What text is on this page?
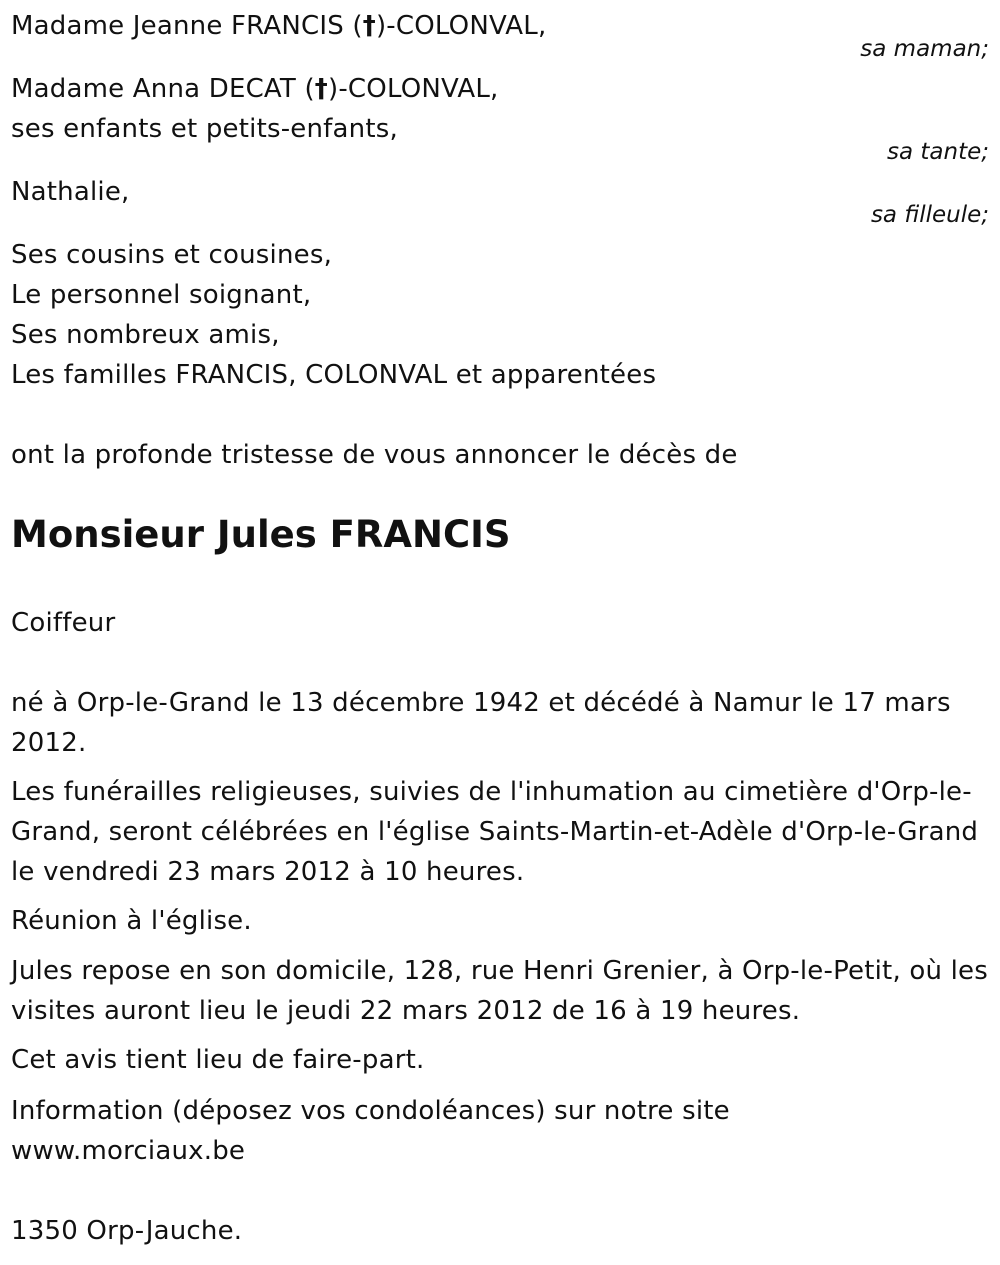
Madame Jeanne FRANCIS (†)-COLONVAL,
sa maman;
Madame Anna DECAT (†)-COLONVAL,
ses enfants et petits-enfants,
sa tante;
Nathalie,
sa filleule;
Ses cousins et cousines,
Le personnel soignant,
Ses nombreux amis,
Les familles FRANCIS, COLONVAL et apparentées
ont la profonde tristesse de vous annoncer le décès de
Monsieur Jules FRANCIS
Coiffeur
né à Orp-le-Grand le 13 décembre 1942 et décédé à Namur le 17 mars 2012.
Les funérailles religieuses, suivies de l'inhumation au cimetière d'Orp-le-Grand, seront célébrées en l'église Saints-Martin-et-Adèle d'Orp-le-Grand le vendredi 23 mars 2012 à 10 heures.
Réunion à l'église.
Jules repose en son domicile, 128, rue Henri Grenier, à Orp-le-Petit, où les visites auront lieu le jeudi 22 mars 2012 de 16 à 19 heures.
Cet avis tient lieu de faire-part.
Information (déposez vos condoléances) sur notre site www.morciaux.be
1350 Orp-Jauche.
